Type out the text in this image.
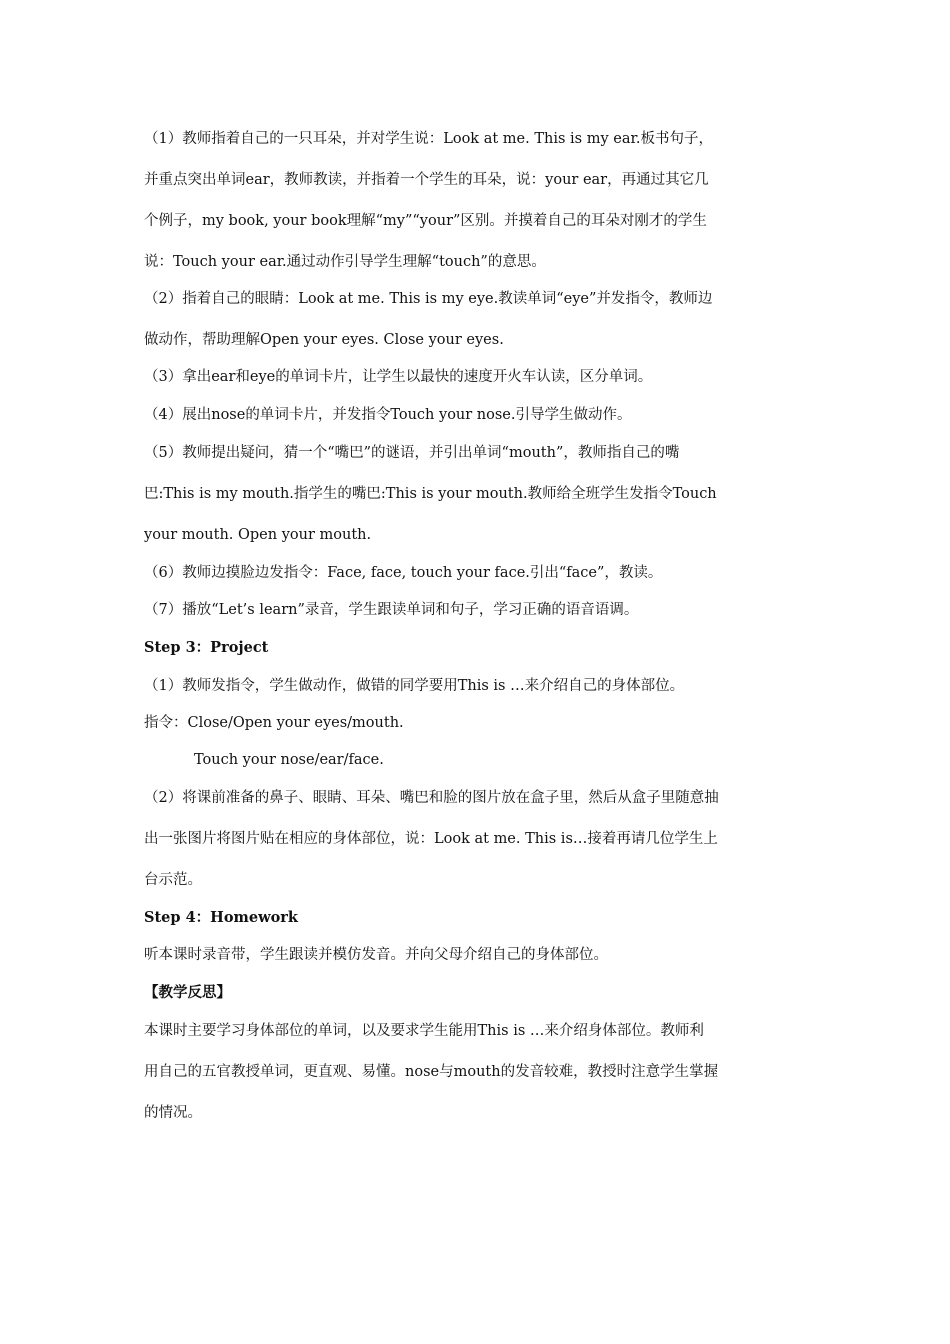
（1）教师指着自己的一只耳朵，并对学生说：Look at me. This is my ear.板书句子，

并重点突出单词ear，教师教读，并指着一个学生的耳朵，说：your ear，再通过其它几

个例子，my book, your book理解“my”“your”区别。并摸着自己的耳朵对刚才的学生

说：Touch your ear.通过动作引导学生理解“touch”的意思。

（2）指着自己的眼睛：Look at me. This is my eye.教读单词“eye”并发指令，教师边

做动作，帮助理解Open your eyes. Close your eyes.

（3）拿出ear和eye的单词卡片，让学生以最快的速度开火车认读，区分单词。

（4）展出nose的单词卡片，并发指令Touch your nose.引导学生做动作。

（5）教师提出疑问，猜一个“嘴巴”的谜语，并引出单词“mouth”，教师指自己的嘴

巴:This is my mouth.指学生的嘴巴:This is your mouth.教师给全班学生发指令Touch

your mouth. Open your mouth.

（6）教师边摸脸边发指令：Face, face, touch your face.引出“face”，教读。

（7）播放“Let’s learn”录音，学生跟读单词和句子，学习正确的语音语调。

Step 3：Project

（1）教师发指令，学生做动作，做错的同学要用This is …来介绍自己的身体部位。

指令：Close/Open your eyes/mouth.

Touch your nose/ear/face.

（2）将课前准备的鼻子、眼睛、耳朵、嘴巴和脸的图片放在盒子里，然后从盒子里随意抽

出一张图片将图片贴在相应的身体部位，说：Look at me. This is…接着再请几位学生上

台示范。

Step 4：Homework

听本课时录音带，学生跟读并模仿发音。并向父母介绍自己的身体部位。

【教学反思】

本课时主要学习身体部位的单词，以及要求学生能用This is …来介绍身体部位。教师利

用自己的五官教授单词，更直观、易懂。nose与mouth的发音较难，教授时注意学生掌握

的情况。
